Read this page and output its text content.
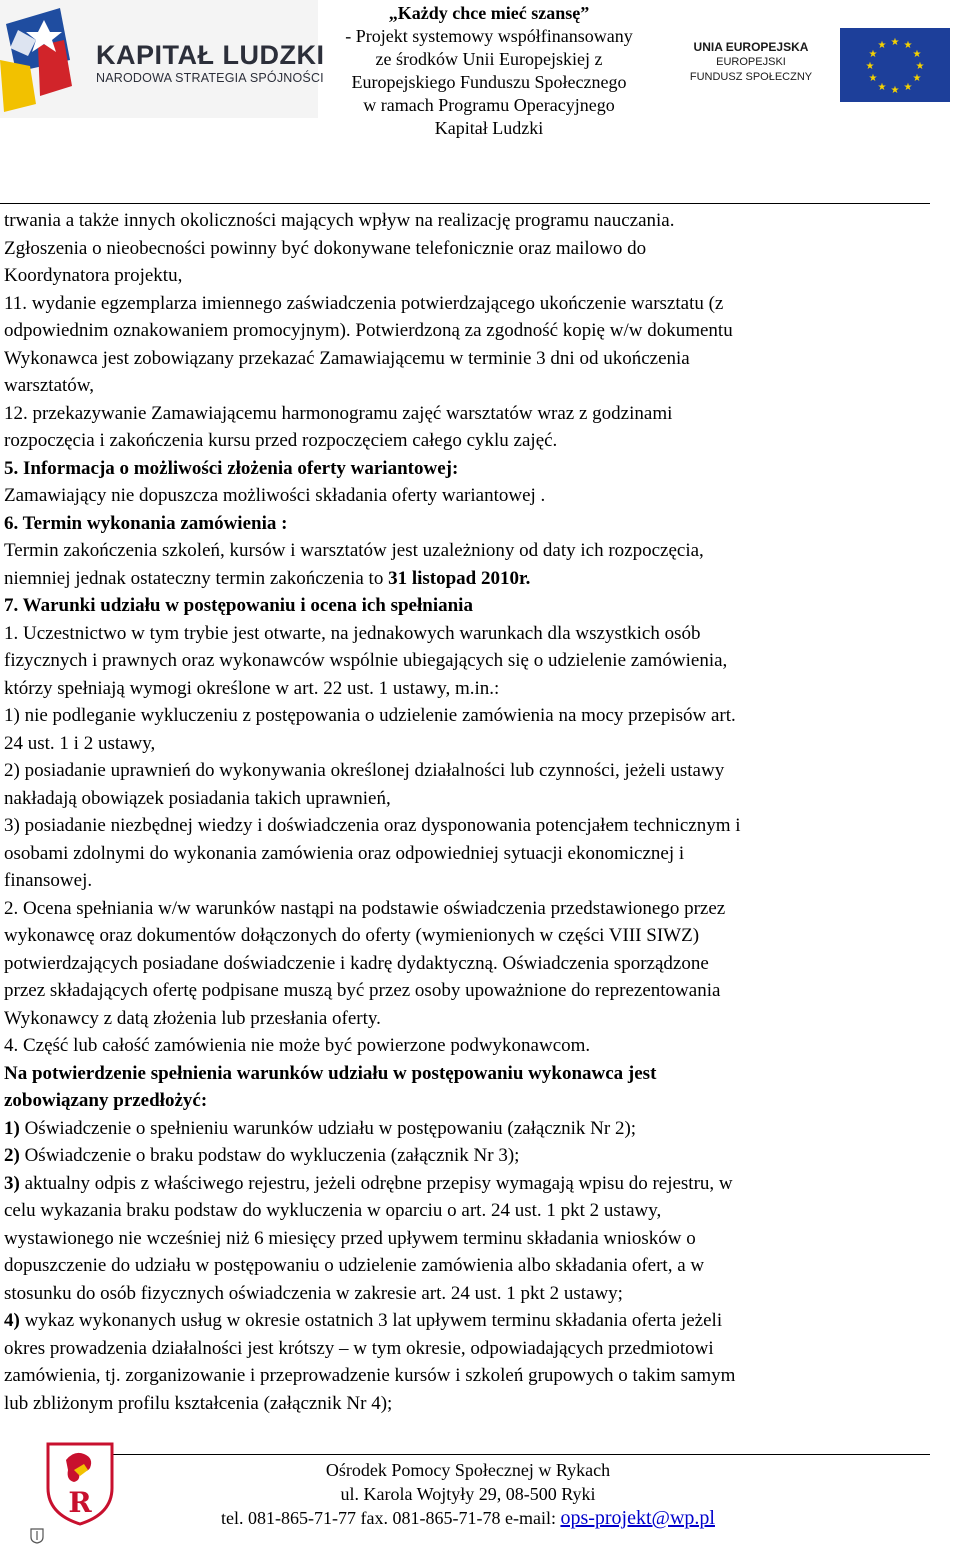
KAPITAŁ LUDZKI
NARODOWA STRATEGIA SPÓJNOŚCI
„Każdy chce mieć szansę”
- Projekt systemowy współfinansowany
ze środków Unii Europejskiej z
Europejskiego Funduszu Społecznego
w ramach Programu Operacyjnego
Kapitał Ludzki
UNIA EUROPEJSKA
EUROPEJSKI
FUNDUSZ SPOŁECZNY
★ ★
★
★
★
★
★
★
★
★
★
★
trwania a także innych okoliczności mających wpływ na realizację programu nauczania.
Zgłoszenia o nieobecności powinny być dokonywane telefonicznie oraz mailowo do
Koordynatora projektu,
11. wydanie egzemplarza imiennego zaświadczenia potwierdzającego ukończenie warsztatu (z
odpowiednim oznakowaniem promocyjnym). Potwierdzoną za zgodność kopię w/w dokumentu
Wykonawca jest zobowiązany przekazać Zamawiającemu w terminie 3 dni od ukończenia
warsztatów,
12. przekazywanie Zamawiającemu harmonogramu zajęć warsztatów wraz z godzinami
rozpoczęcia i zakończenia kursu przed rozpoczęciem całego cyklu zajęć.
5. Informacja o możliwości złożenia oferty wariantowej:
Zamawiający nie dopuszcza możliwości składania oferty wariantowej .
6. Termin wykonania zamówienia :
Termin zakończenia szkoleń, kursów i warsztatów jest uzależniony od daty ich rozpoczęcia,
niemniej jednak ostateczny termin zakończenia to 31 listopad 2010r.
7. Warunki udziału w postępowaniu i ocena ich spełniania
1. Uczestnictwo w tym trybie jest otwarte, na jednakowych warunkach dla wszystkich osób
fizycznych i prawnych oraz wykonawców wspólnie ubiegających się o udzielenie zamówienia,
którzy spełniają wymogi określone w art. 22 ust. 1 ustawy, m.in.:
1) nie podleganie wykluczeniu z postępowania o udzielenie zamówienia na mocy przepisów art.
24 ust. 1 i 2 ustawy,
2) posiadanie uprawnień do wykonywania określonej działalności lub czynności, jeżeli ustawy
nakładają obowiązek posiadania takich uprawnień,
3) posiadanie niezbędnej wiedzy i doświadczenia oraz dysponowania potencjałem technicznym i
osobami zdolnymi do wykonania zamówienia oraz odpowiedniej sytuacji ekonomicznej i
finansowej.
2. Ocena spełniania w/w warunków nastąpi na podstawie oświadczenia przedstawionego przez
wykonawcę oraz dokumentów dołączonych do oferty (wymienionych w części VIII SIWZ)
potwierdzających posiadane doświadczenie i kadrę dydaktyczną. Oświadczenia sporządzone
przez składających ofertę podpisane muszą być przez osoby upoważnione do reprezentowania
Wykonawcy z datą złożenia lub przesłania oferty.
4. Część lub całość zamówienia nie może być powierzone podwykonawcom.
Na potwierdzenie spełnienia warunków udziału w postępowaniu wykonawca jest
zobowiązany przedłożyć:
1) Oświadczenie o spełnieniu warunków udziału w postępowaniu (załącznik Nr 2);
2) Oświadczenie o braku podstaw do wykluczenia (załącznik Nr 3);
3) aktualny odpis z właściwego rejestru, jeżeli odrębne przepisy wymagają wpisu do rejestru, w
celu wykazania braku podstaw do wykluczenia w oparciu o art. 24 ust. 1 pkt 2 ustawy,
wystawionego nie wcześniej niż 6 miesięcy przed upływem terminu składania wniosków o
dopuszczenie do udziału w postępowaniu o udzielenie zamówienia albo składania ofert, a w
stosunku do osób fizycznych oświadczenia w zakresie art. 24 ust. 1 pkt 2 ustawy;
4) wykaz wykonanych usług w okresie ostatnich 3 lat upływem terminu składania oferta jeżeli
okres prowadzenia działalności jest krótszy – w tym okresie, odpowiadających przedmiotowi
zamówienia, tj. zorganizowanie i przeprowadzenie kursów i szkoleń grupowych o takim samym
lub zbliżonym profilu kształcenia (załącznik Nr 4);
R
Ośrodek Pomocy Społecznej w Rykach
ul. Karola Wojtyły 29, 08-500 Ryki
tel. 081-865-71-77 fax. 081-865-71-78 e-mail: ops-projekt@wp.pl
